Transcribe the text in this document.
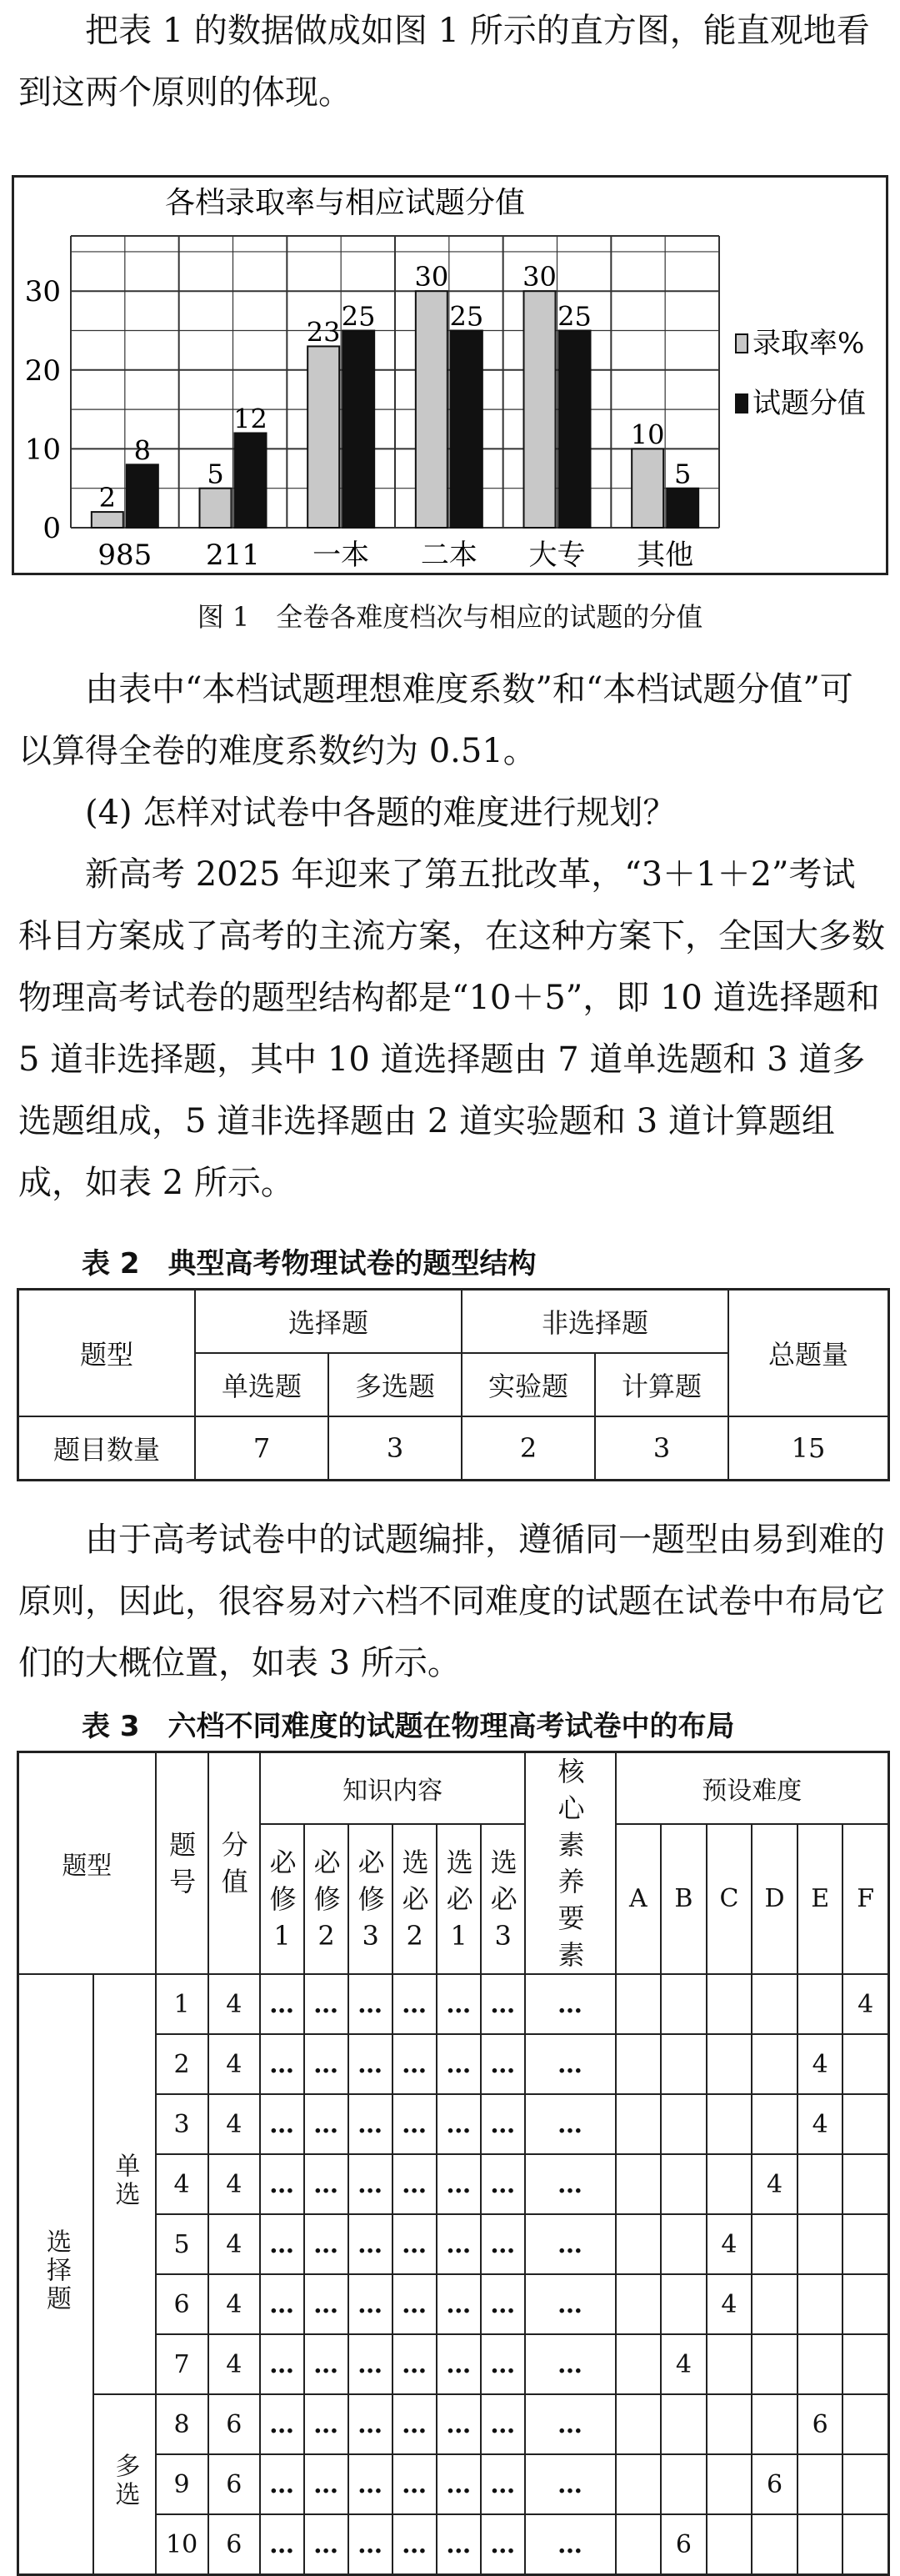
把表 1 的数据做成如图 1 所示的直方图，能直观地看到这两个原则的体现。

各档录取率与相应试题分值
0
10
20
30
2
8
985
5
12
211
23 25
一本
30
25
二本
30
25
大专
10
5
其他
录取率%
试题分值
图 1　全卷各难度档次与相应的试题的分值

由表中“本档试题理想难度系数”和“本档试题分值”可以算得全卷的难度系数约为 0.51。

(4) 怎样对试卷中各题的难度进行规划？

新高考 2025 年迎来了第五批改革，“3＋1＋2”考试科目方案成了高考的主流方案，在这种方案下，全国大多数物理高考试卷的题型结构都是“10＋5”，即 10 道选择题和 5 道非选择题，其中 10 道选择题由 7 道单选题和 3 道多选题组成，5 道非选择题由 2 道实验题和 3 道计算题组成，如表 2 所示。

表 2　典型高考物理试卷的题型结构
题型	选择题		非选择题		总题量
	单选题	多选题	实验题	计算题	
题目数量	7	3	2	3	15

由于高考试卷中的试题编排，遵循同一题型由易到难的原则，因此，很容易对六档不同难度的试题在试卷中布局它们的大概位置，如表 3 所示。

表 3　六档不同难度的试题在物理高考试卷中的布局
题型		题号	分值	知识内容						核心素养要素	预设难度					
				必修1	必修2	必修3	选必2	选必1	选必3		A	B	C	D	E	F
选择题	单选	1	4	…	…	…	…	…	…	…						4
		2	4	…	…	…	…	…	…	…					4	
		3	4	…	…	…	…	…	…	…					4	
		4	4	…	…	…	…	…	…	…				4		
		5	4	…	…	…	…	…	…	…			4			
		6	4	…	…	…	…	…	…	…			4			
		7	4	…	…	…	…	…	…	…		4				
	多选	8	6	…	…	…	…	…	…	…					6	
		9	6	…	…	…	…	…	…	…				6		
		10	6	…	…	…	…	…	…	…		6				
